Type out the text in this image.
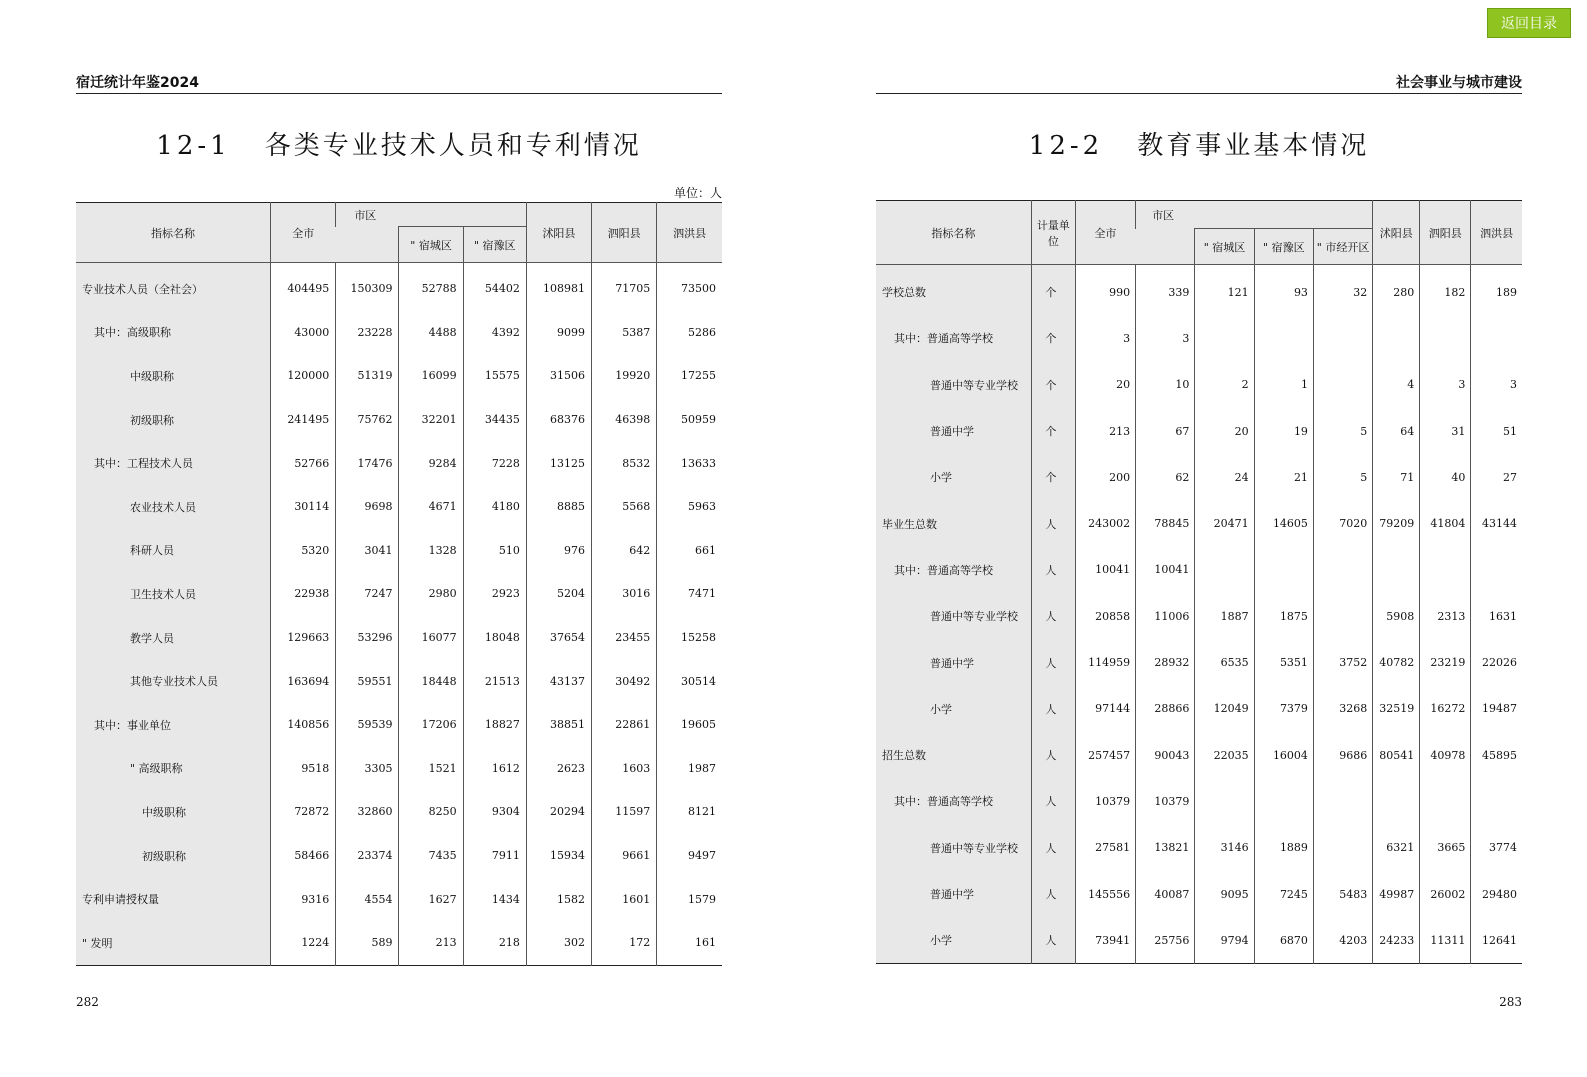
返回目录
宿迁统计年鉴2024
12-1 各类专业技术人员和专利情况
单位：人
指标名称	全市	市区			沭阳县	泗阳县	泗洪县
			" 宿城区	" 宿豫区			
专业技术人员（全社会）	404495	150309	52788	54402	108981	71705	73500
其中：高级职称	43000	23228	4488	4392	9099	5387	5286
中级职称	120000	51319	16099	15575	31506	19920	17255
初级职称	241495	75762	32201	34435	68376	46398	50959
其中：工程技术人员	52766	17476	9284	7228	13125	8532	13633
农业技术人员	30114	9698	4671	4180	8885	5568	5963
科研人员	5320	3041	1328	510	976	642	661
卫生技术人员	22938	7247	2980	2923	5204	3016	7471
教学人员	129663	53296	16077	18048	37654	23455	15258
其他专业技术人员	163694	59551	18448	21513	43137	30492	30514
其中：事业单位	140856	59539	17206	18827	38851	22861	19605
" 高级职称	9518	3305	1521	1612	2623	1603	1987
中级职称	72872	32860	8250	9304	20294	11597	8121
初级职称	58466	23374	7435	7911	15934	9661	9497
专利申请授权量	9316	4554	1627	1434	1582	1601	1579
" 发明	1224	589	213	218	302	172	161
282
社会事业与城市建设
12-2 教育事业基本情况
指标名称	计量单位	全市	市区				沭阳县	泗阳县	泗洪县
				" 宿城区	" 宿豫区	" 市经开区			
学校总数	个	990	339	121	93	32	280	182	189
其中：普通高等学校	个	3	3						
普通中等专业学校	个	20	10	2	1		4	3	3
普通中学	个	213	67	20	19	5	64	31	51
小学	个	200	62	24	21	5	71	40	27
毕业生总数	人	243002	78845	20471	14605	7020	79209	41804	43144
其中：普通高等学校	人	10041	10041						
普通中等专业学校	人	20858	11006	1887	1875		5908	2313	1631
普通中学	人	114959	28932	6535	5351	3752	40782	23219	22026
小学	人	97144	28866	12049	7379	3268	32519	16272	19487
招生总数	人	257457	90043	22035	16004	9686	80541	40978	45895
其中：普通高等学校	人	10379	10379						
普通中等专业学校	人	27581	13821	3146	1889		6321	3665	3774
普通中学	人	145556	40087	9095	7245	5483	49987	26002	29480
小学	人	73941	25756	9794	6870	4203	24233	11311	12641
283
